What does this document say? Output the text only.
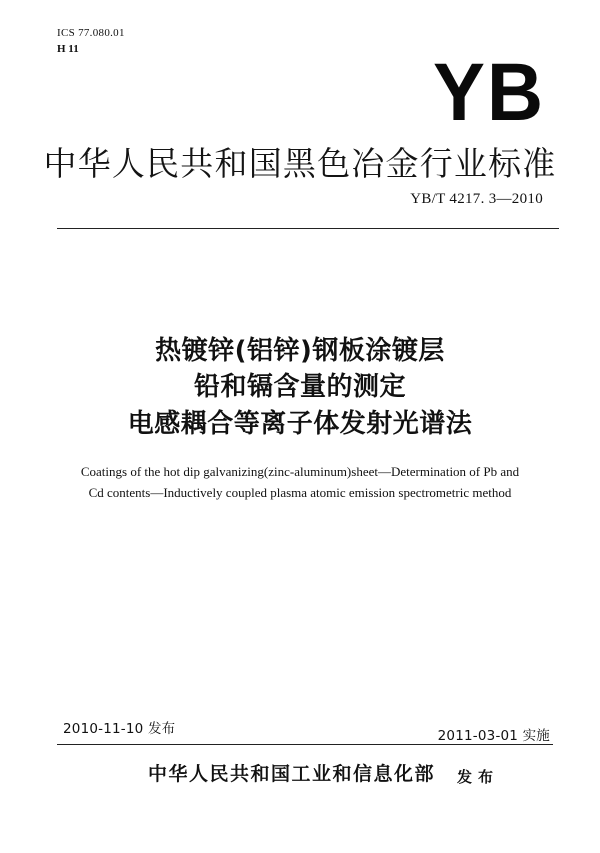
ICS 77.080.01
H 11	YB
中华人民共和国黑色冶金行业标准
YB/T 4217. 3—2010
热镀锌(铝锌)钢板涂镀层
铅和镉含量的测定
电感耦合等离子体发射光谱法
Coatings of the hot dip galvanizing(zinc-aluminum)sheet—Determination of Pb and
Cd contents—Inductively coupled plasma atomic emission spectrometric method
2010-11-10 发布	2011-03-01 实施
中华人民共和国工业和信息化部 发布
